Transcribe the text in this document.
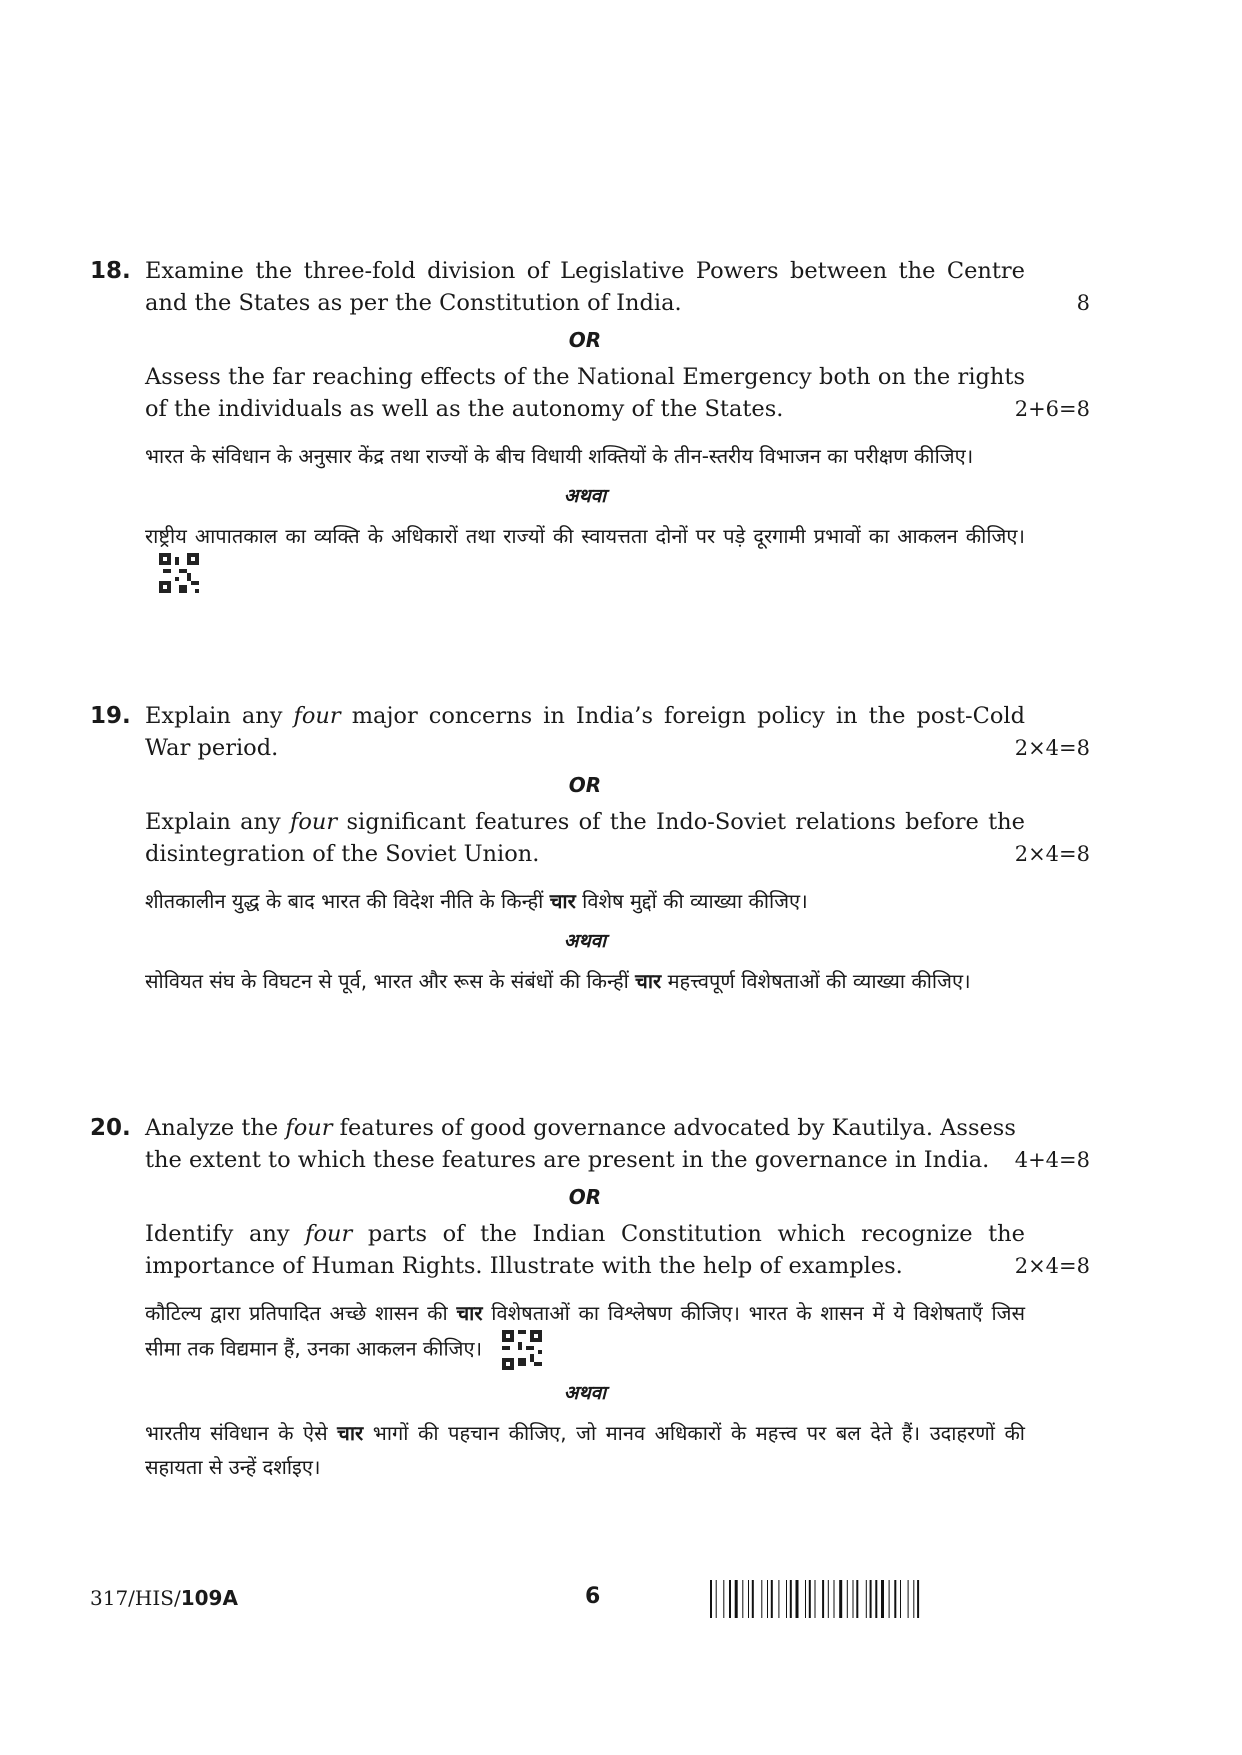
18. Examine the three-fold division of Legislative Powers between the Centre
and the States as per the Constitution of India.	8
OR
Assess the far reaching effects of the National Emergency both on the rights
of the individuals as well as the autonomy of the States.	2+6=8
भारत के संविधान के अनुसार केंद्र तथा राज्यों के बीच विधायी शक्तियों के तीन-स्तरीय विभाजन का परीक्षण कीजिए।
अथवा
राष्ट्रीय आपातकाल का व्यक्ति के अधिकारों तथा राज्यों की स्वायत्तता दोनों पर पड़े दूरगामी प्रभावों का आकलन कीजिए।
19. Explain any four major concerns in India’s foreign policy in the post-Cold
War period.	2×4=8
OR
Explain any four significant features of the Indo-Soviet relations before the
disintegration of the Soviet Union.	2×4=8
शीतकालीन युद्ध के बाद भारत की विदेश नीति के किन्हीं चार विशेष मुद्दों की व्याख्या कीजिए।
अथवा
सोवियत संघ के विघटन से पूर्व, भारत और रूस के संबंधों की किन्हीं चार महत्त्वपूर्ण विशेषताओं की व्याख्या कीजिए।
20. Analyze the four features of good governance advocated by Kautilya. Assess
the extent to which these features are present in the governance in India.	4+4=8
OR
Identify any four parts of the Indian Constitution which recognize the
importance of Human Rights. Illustrate with the help of examples.	2×4=8
कौटिल्य द्वारा प्रतिपादित अच्छे शासन की चार विशेषताओं का विश्लेषण कीजिए। भारत के शासन में ये विशेषताएँ जिस सीमा तक विद्यमान हैं, उनका आकलन कीजिए।
अथवा
भारतीय संविधान के ऐसे चार भागों की पहचान कीजिए, जो मानव अधिकारों के महत्त्व पर बल देते हैं। उदाहरणों की सहायता से उन्हें दर्शाइए।
317/HIS/109A	6
